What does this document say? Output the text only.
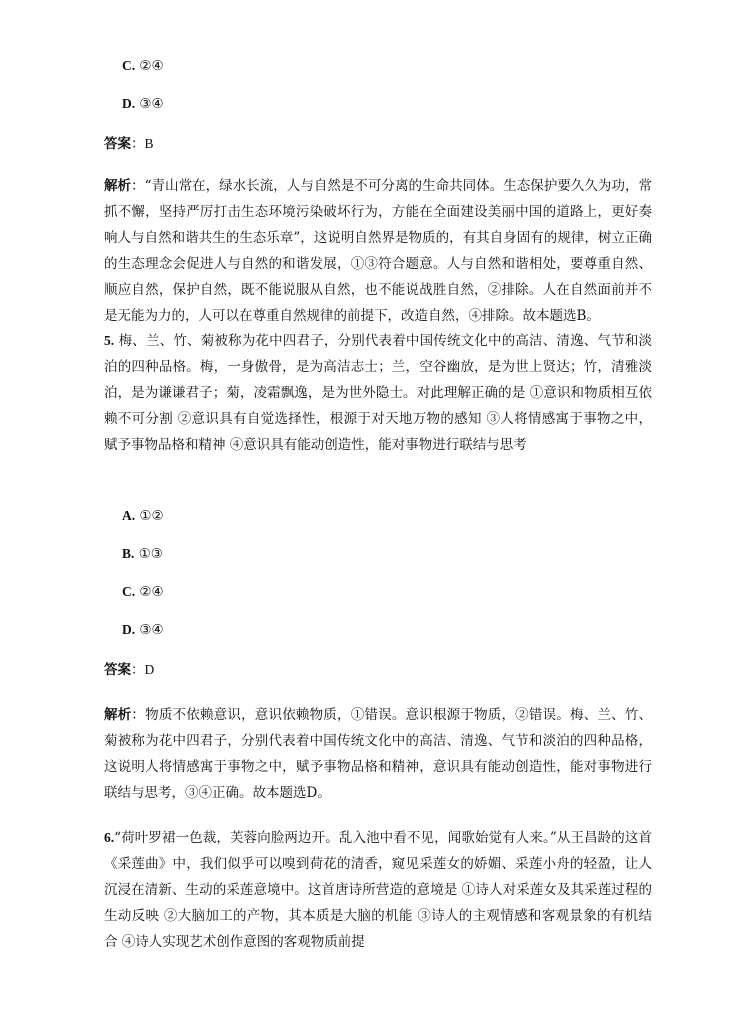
C. ②④
D. ③④
答案：B
解析：“青山常在，绿水长流，人与自然是不可分离的生命共同体。生态保护要久久为功，常抓不懈，坚持严厉打击生态环境污染破坏行为，方能在全面建设美丽中国的道路上，更好奏响人与自然和谐共生的生态乐章”，这说明自然界是物质的，有其自身固有的规律，树立正确的生态理念会促进人与自然的和谐发展，①③符合题意。人与自然和谐相处，要尊重自然、顺应自然，保护自然，既不能说服从自然，也不能说战胜自然，②排除。人在自然面前并不是无能为力的，人可以在尊重自然规律的前提下，改造自然，④排除。故本题选B。
5. 梅、兰、竹、菊被称为花中四君子，分别代表着中国传统文化中的高洁、清逸、气节和淡泊的四种品格。梅，一身傲骨，是为高洁志士；兰，空谷幽放，是为世上贤达；竹，清雅淡泊，是为谦谦君子；菊，凌霜飘逸，是为世外隐士。对此理解正确的是 ①意识和物质相互依赖不可分割 ②意识具有自觉选择性，根源于对天地万物的感知 ③人将情感寓于事物之中，赋予事物品格和精神 ④意识具有能动创造性，能对事物进行联结与思考
A. ①②
B. ①③
C. ②④
D. ③④
答案：D
解析：物质不依赖意识，意识依赖物质，①错误。意识根源于物质，②错误。梅、兰、竹、菊被称为花中四君子，分别代表着中国传统文化中的高洁、清逸、气节和淡泊的四种品格，这说明人将情感寓于事物之中，赋予事物品格和精神，意识具有能动创造性，能对事物进行联结与思考，③④正确。故本题选D。
6.“荷叶罗裙一色裁，芙蓉向脸两边开。乱入池中看不见，闻歌始觉有人来。”从王昌龄的这首《采莲曲》中，我们似乎可以嗅到荷花的清香，窥见采莲女的娇媚、采莲小舟的轻盈，让人沉浸在清新、生动的采莲意境中。这首唐诗所营造的意境是 ①诗人对采莲女及其采莲过程的生动反映 ②大脑加工的产物，其本质是大脑的机能 ③诗人的主观情感和客观景象的有机结合 ④诗人实现艺术创作意图的客观物质前提
